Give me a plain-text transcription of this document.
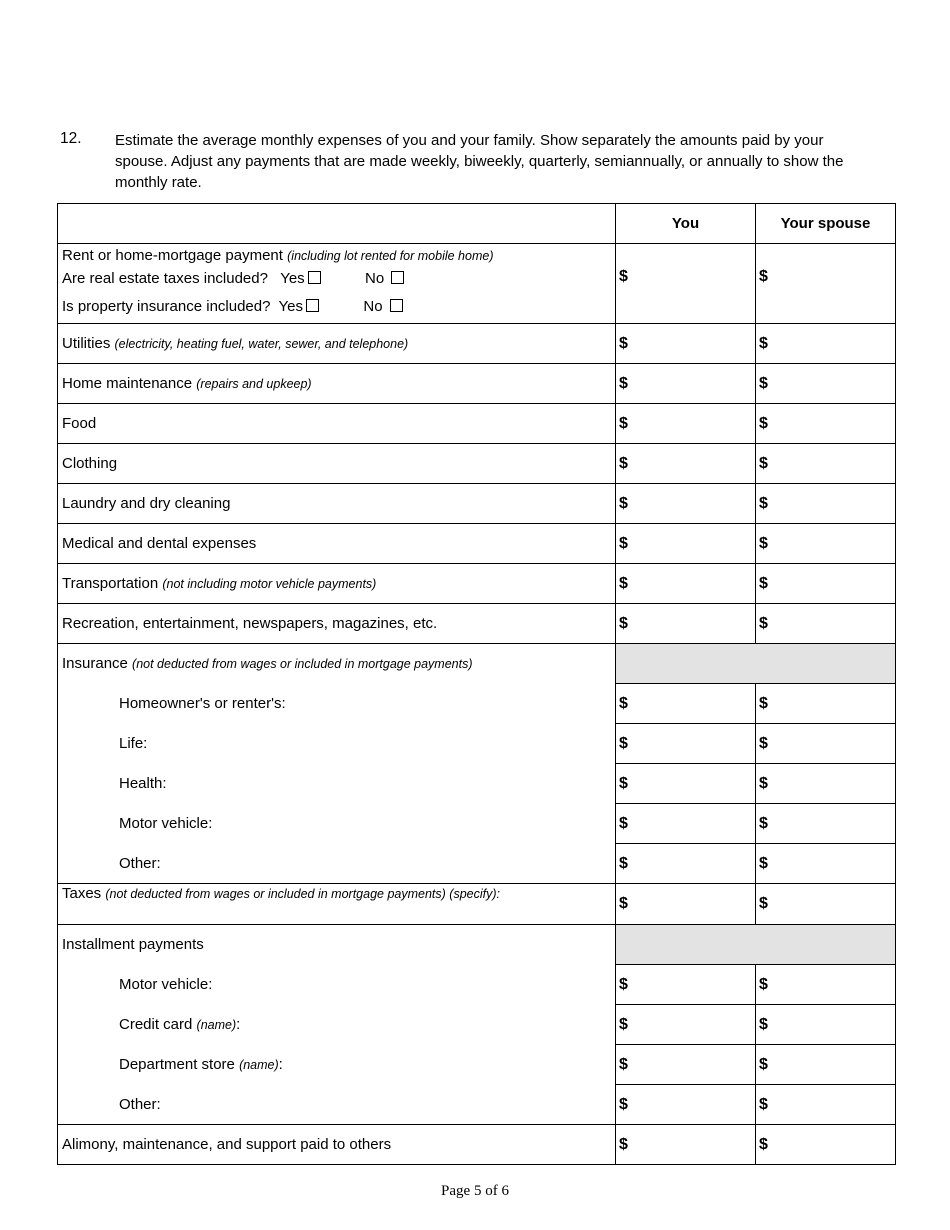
12. Estimate the average monthly expenses of you and your family. Show separately the amounts paid by your spouse. Adjust any payments that are made weekly, biweekly, quarterly, semiannually, or annually to show the monthly rate.
	You	Your spouse

Rent or home-mortgage payment (including lot rented for mobile home)
Are real estate taxes included? Yes No
Is property insurance included? Yes No	$	$
Utilities (electricity, heating fuel, water, sewer, and telephone)	$	$
Home maintenance (repairs and upkeep)	$	$
Food	$	$
Clothing	$	$
Laundry and dry cleaning	$	$
Medical and dental expenses	$	$
Transportation (not including motor vehicle payments)	$	$
Recreation, entertainment, newspapers, magazines, etc.	$	$
Insurance (not deducted from wages or included in mortgage payments)		
Homeowner's or renter's:	$	$
Life:	$	$
Health:	$	$
Motor vehicle:	$	$
Other:	$	$
Taxes (not deducted from wages or included in mortgage payments) (specify):	$	$
Installment payments		
Motor vehicle:	$	$
Credit card (name):	$	$
Department store (name):	$	$
Other:	$	$
Alimony, maintenance, and support paid to others	$	$
Page 5 of 6
